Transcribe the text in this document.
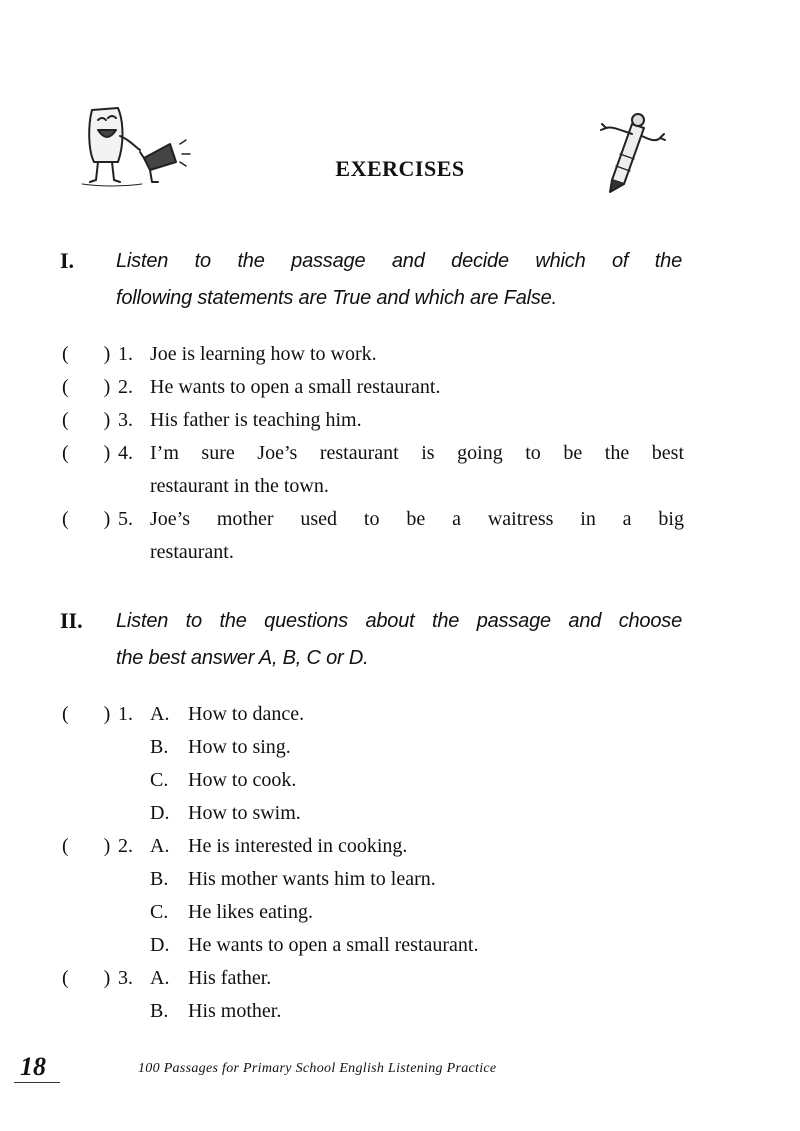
EXERCISES
I. Listen to the passage and decide which of the
following statements are True and which are False.
(       ) 1. Joe is learning how to work.
(       ) 2. He wants to open a small restaurant.
(       ) 3. His father is teaching him.
(       ) 4. I’m sure Joe’s restaurant is going to be the best
restaurant in the town.
(       ) 5. Joe’s mother used to be a waitress in a big
restaurant.
II. Listen to the questions about the passage and choose
the best answer A, B, C or D.
(       ) 1. A. How to dance.
B. How to sing.
C. How to cook.
D. How to swim.
(       ) 2. A. He is interested in cooking.
B. His mother wants him to learn.
C. He likes eating.
D. He wants to open a small restaurant.
(       ) 3. A. His father.
B. His mother.
18	100 Passages for Primary School English Listening Practice
